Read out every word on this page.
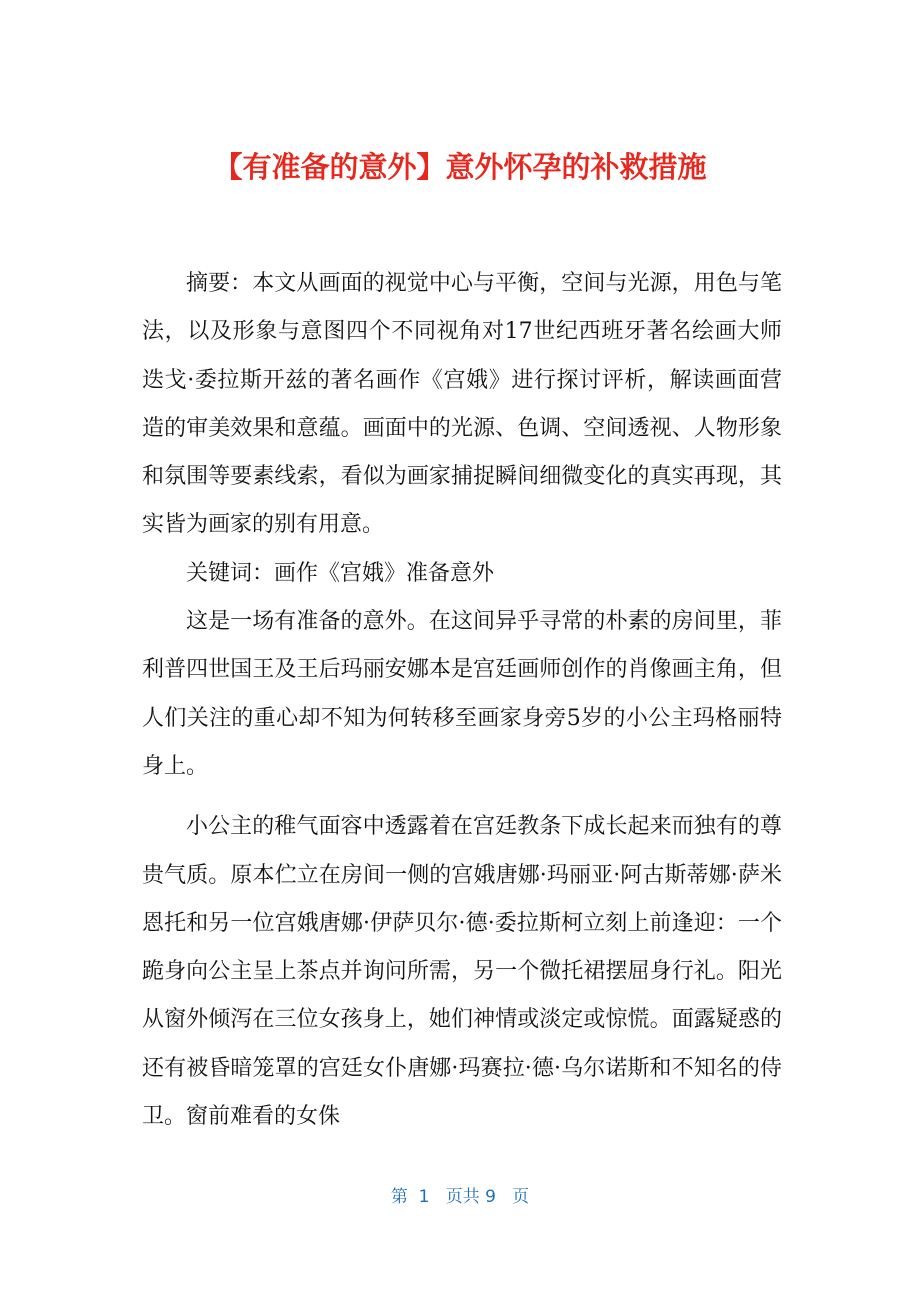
【有准备的意外】意外怀孕的补救措施

摘要：本文从画面的视觉中心与平衡，空间与光源，用色与笔法，以及形象与意图四个不同视角对17世纪西班牙著名绘画大师迭戈·委拉斯开兹的著名画作《宫娥》进行探讨评析，解读画面营造的审美效果和意蕴。画面中的光源、色调、空间透视、人物形象和氛围等要素线索，看似为画家捕捉瞬间细微变化的真实再现，其实皆为画家的别有用意。

关键词：画作《宫娥》准备意外

这是一场有准备的意外。在这间异乎寻常的朴素的房间里，菲利普四世国王及王后玛丽安娜本是宫廷画师创作的肖像画主角，但人们关注的重心却不知为何转移至画家身旁5岁的小公主玛格丽特身上。

小公主的稚气面容中透露着在宫廷教条下成长起来而独有的尊贵气质。原本伫立在房间一侧的宫娥唐娜·玛丽亚·阿古斯蒂娜·萨米恩托和另一位宫娥唐娜·伊萨贝尔·德·委拉斯柯立刻上前逢迎：一个跪身向公主呈上茶点并询问所需，另一个微托裙摆屈身行礼。阳光从窗外倾泻在三位女孩身上，她们神情或淡定或惊慌。面露疑惑的还有被昏暗笼罩的宫廷女仆唐娜·玛赛拉·德·乌尔诺斯和不知名的侍卫。窗前难看的女侏

第  1   页共 9   页
